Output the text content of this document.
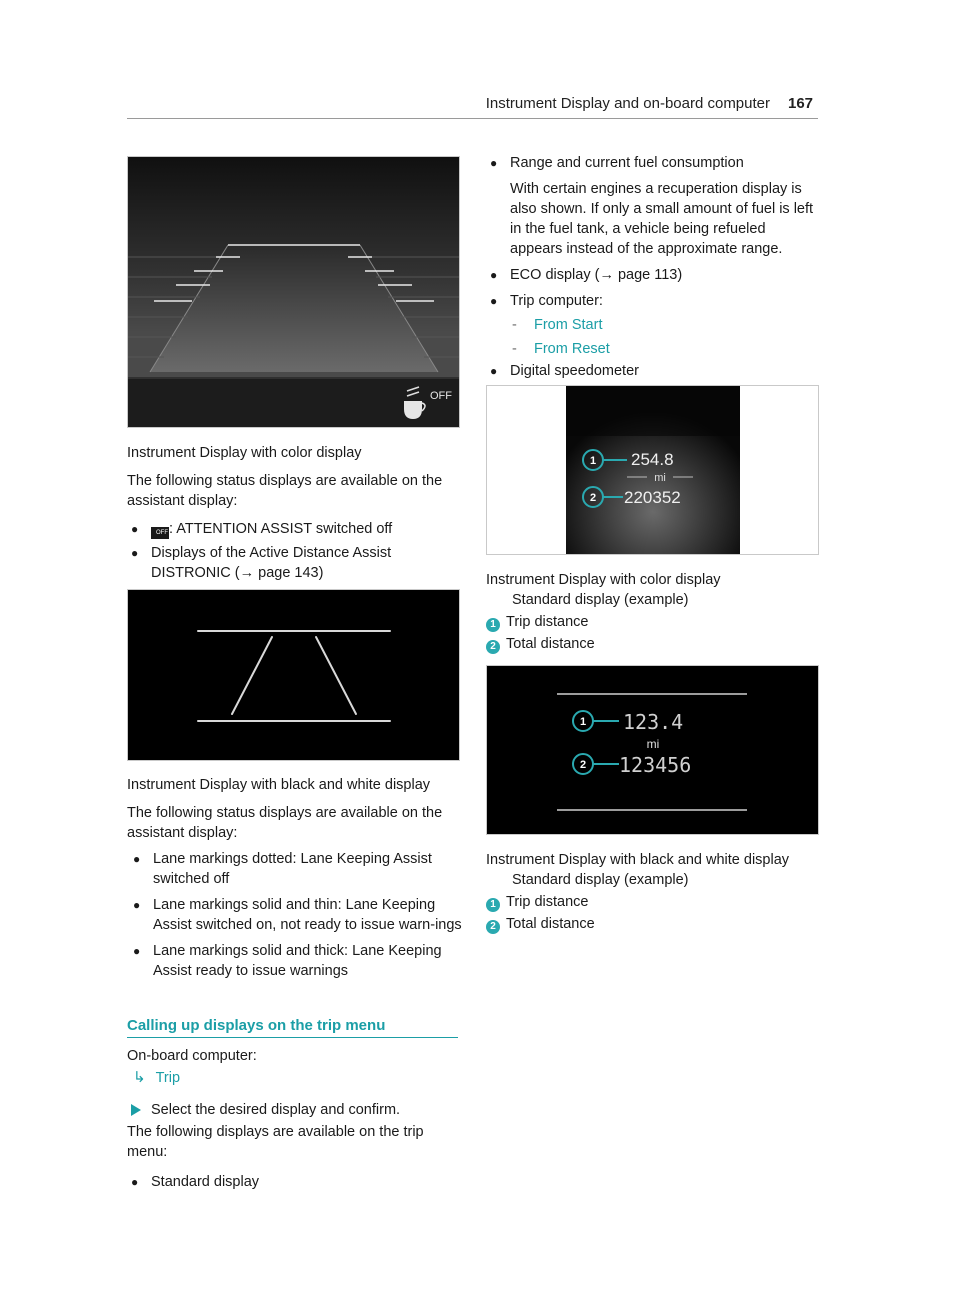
Instrument Display and on-board computer 167
OFF

Instrument Display with color display

The following status displays are available on the assistant display:

●	OFF: ATTENTION ASSIST switched off
● Displays of the Active Distance Assist DISTRONIC (→ page 143)

Instrument Display with black and white display

The following status displays are available on the assistant display:

● Lane markings dotted: Lane Keeping Assist switched off
● Lane markings solid and thin: Lane Keeping Assist switched on, not ready to issue warn-ings
● Lane markings solid and thick: Lane Keeping Assist ready to issue warnings
Calling up displays on the trip menu

On-board computer:

↳ Trip

Select the desired display and confirm.

The following displays are available on the trip menu:

● Standard display
● Range and current fuel consumption

With certain engines a recuperation display is also shown. If only a small amount of fuel is left in the fuel tank, a vehicle being refueled appears instead of the approximate range.

● ECO display (→ page 113)
● Trip computer:
- From Start
- From Reset
● Digital speedometer
1 254.8
mi
2 220352

Instrument Display with color display

Standard display (example)

1 Trip distance

2 Total distance

1 123.4
mi
2 123456

Instrument Display with black and white display

Standard display (example)

1 Trip distance

2 Total distance
